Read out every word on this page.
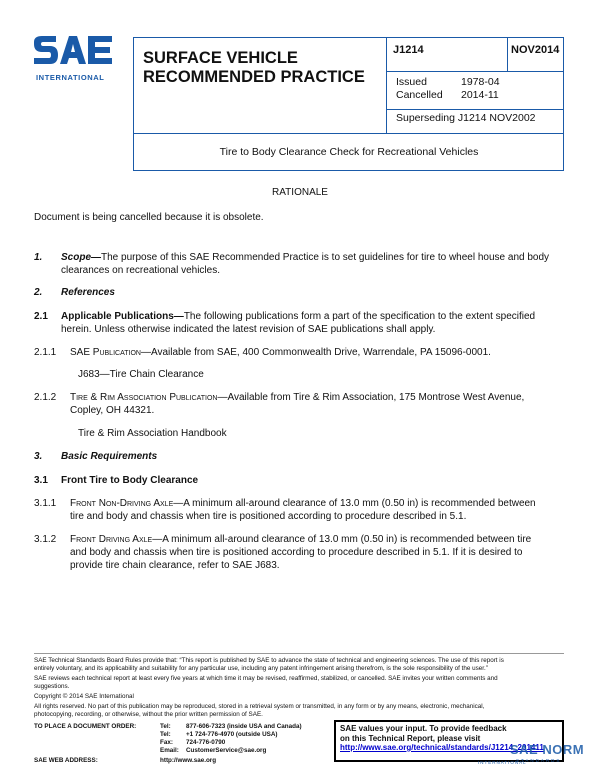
INTERNATIONAL
SURFACE VEHICLE RECOMMENDED PRACTICE
J1214	NOV2014
Issued	1978-04
Cancelled 2014-11
Superseding J1214 NOV2002
Tire to Body Clearance Check for Recreational Vehicles
RATIONALE
Document is being cancelled because it is obsolete.
1. Scope—The purpose of this SAE Recommended Practice is to set guidelines for tire to wheel house and body
clearances on recreational vehicles.
2. References
2.1 Applicable Publications—The following publications form a part of the specification to the extent specified
herein. Unless otherwise indicated the latest revision of SAE publications shall apply.
2.1.1 SAE Publication—Available from SAE, 400 Commonwealth Drive, Warrendale, PA 15096-0001.
J683—Tire Chain Clearance
2.1.2 Tire & Rim Association Publication—Available from Tire & Rim Association, 175 Montrose West Avenue,
Copley, OH 44321.
Tire & Rim Association Handbook
3. Basic Requirements
3.1 Front Tire to Body Clearance
3.1.1 Front Non-Driving Axle—A minimum all-around clearance of 13.0 mm (0.50 in) is recommended between
tire and body and chassis when tire is positioned according to procedure described in 5.1.
3.1.2 Front Driving Axle—A minimum all-around clearance of 13.0 mm (0.50 in) is recommended between tire
and body and chassis when tire is positioned according to procedure described in 5.1. If it is desired to
provide tire chain clearance, refer to SAE J683.
SAE Technical Standards Board Rules provide that: “This report is published by SAE to advance the state of technical and engineering sciences. The use of this report is
entirely voluntary, and its applicability and suitability for any particular use, including any patent infringement arising therefrom, is the sole responsibility of the user.”
SAE reviews each technical report at least every five years at which time it may be revised, reaffirmed, stabilized, or cancelled. SAE invites your written comments and
suggestions.
Copyright © 2014 SAE International
All rights reserved. No part of this publication may be reproduced, stored in a retrieval system or transmitted, in any form or by any means, electronic, mechanical,
photocopying, recording, or otherwise, without the prior written permission of SAE.
TO PLACE A DOCUMENT ORDER:	Tel: 877-606-7323 (inside USA and Canada)
Tel: +1 724-776-4970 (outside USA)
Fax: 724-776-0790
Email: CustomerService@sae.org
SAE WEB ADDRESS:	http://www.sae.org
SAE values your input. To provide feedback
on this Technical Report, please visit
http://www.sae.org/technical/standards/J1214_201411
SAE NORM
STANDARDS
INTERNATIONAL
